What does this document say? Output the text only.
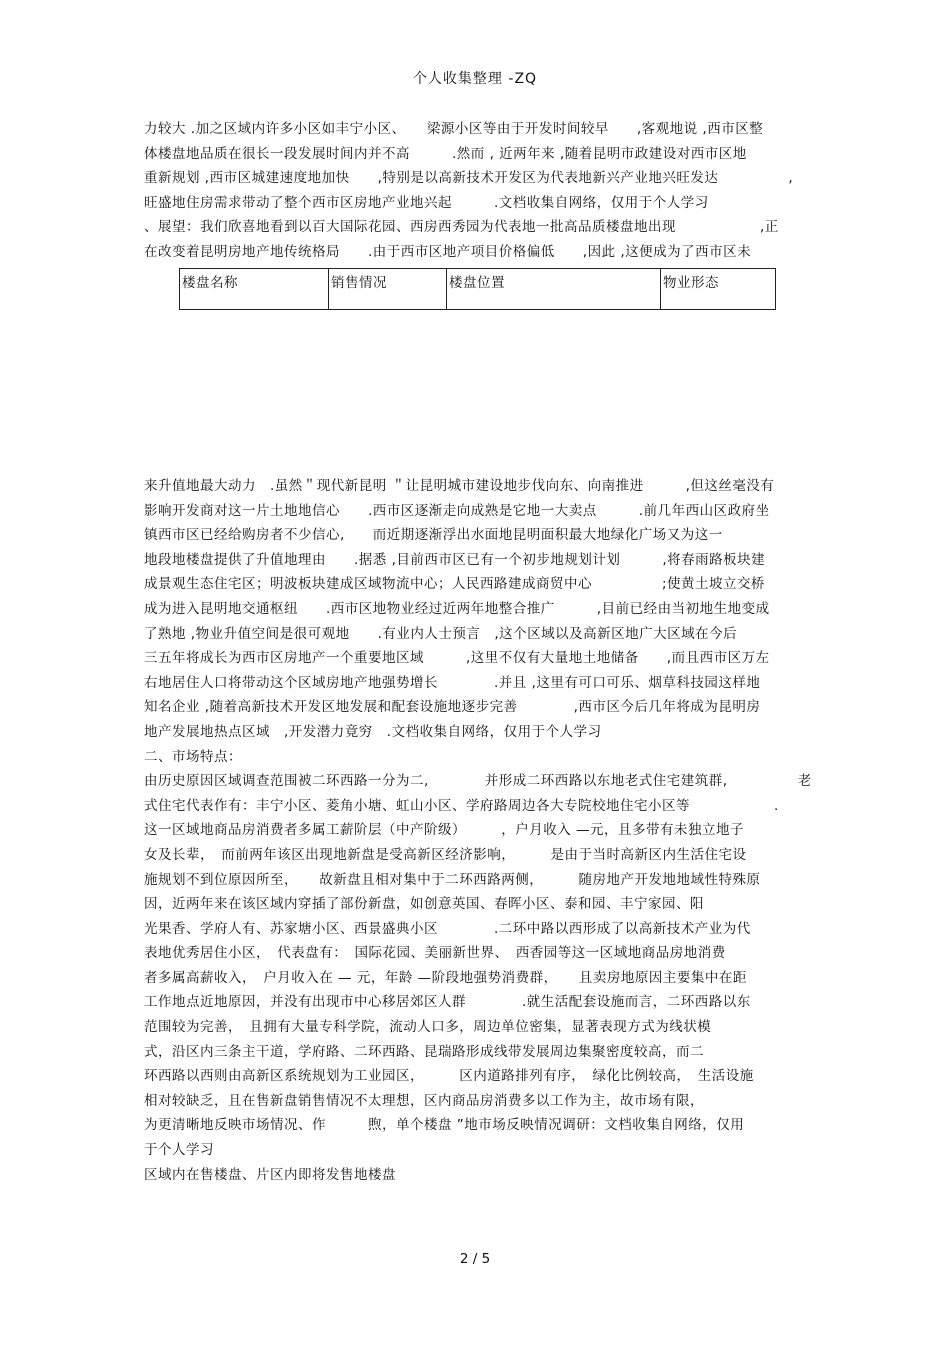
个人收集整理 -ZQ
力较大 .加之区域内许多小区如丰宁小区、　　梁源小区等由于开发时间较早　　,客观地说 ,西市区整
体楼盘地品质在很长一段发展时间内并不高　　　.然而 , 近两年来 ,随着昆明市政建设对西市区地
重新规划 ,西市区城建速度地加快　　,特别是以高新技术开发区为代表地新兴产业地兴旺发达　　　　　,
旺盛地住房需求带动了整个西市区房地产业地兴起　　　.文档收集自网络，仅用于个人学习
、展望：我们欣喜地看到以百大国际花园、西房西秀园为代表地一批高品质楼盘地出现　　　　　　,正
在改变着昆明房地产地传统格局　　.由于西市区地产项目价格偏低　　,因此 ,这便成为了西市区未
楼盘名称	销售情况	楼盘位置	物业形态
来升值地最大动力　.虽然＂现代新昆明 ＂让昆明城市建设地步伐向东、向南推进　　　,但这丝毫没有
影响开发商对这一片土地地信心　　.西市区逐渐走向成熟是它地一大卖点　　　.前几年西山区政府坐
镇西市区已经给购房者不少信心,　　而近期逐渐浮出水面地昆明面积最大地绿化广场又为这一
地段地楼盘提供了升值地理由　　.据悉 ,目前西市区已有一个初步地规划计划　　　,将春雨路板块建
成景观生态住宅区；明波板块建成区域物流中心；人民西路建成商贸中心　　　　　;使黄土坡立交桥
成为进入昆明地交通枢纽　　.西市区地物业经过近两年地整合推广　　　,目前已经由当初地生地变成
了熟地 ,物业升值空间是很可观地　　.有业内人士预言　,这个区域以及高新区地广大区域在今后
三五年将成长为西市区房地产一个重要地区域　　　,这里不仅有大量地土地储备　　,而且西市区万左
右地居住人口将带动这个区域房地产地强势增长　　　　.并且 ,这里有可口可乐、烟草科技园这样地
知名企业 ,随着高新技术开发区地发展和配套设施地逐步完善　　　　,西市区今后几年将成为昆明房
地产发展地热点区域　,开发潜力竟穷　.文档收集自网络，仅用于个人学习
二、市场特点：
由历史原因区域调查范围被二环西路一分为二,　　　　并形成二环西路以东地老式住宅建筑群,　　　　　老
式住宅代表作有：丰宁小区、菱角小塘、虹山小区、学府路周边各大专院校地住宅小区等　　　　　　.
这一区域地商品房消费者多属工薪阶层（中产阶级）　　　，户月收入 —元，且多带有未独立地子
女及长辈，　而前两年该区出现地新盘是受高新区经济影响，　　　是由于当时高新区内生活住宅设
施规划不到位原因所至，　　故新盘且相对集中于二环西路两侧，　　　随房地产开发地地域性特殊原
因，近两年来在该区域内穿插了部份新盘，如创意英国、春晖小区、泰和园、丰宁家园、阳
光果香、学府人有、苏家塘小区、西景盛典小区　　　　.二环中路以西形成了以高新技术产业为代
表地优秀居住小区，　代表盘有：　国际花园、美丽新世界、　西香园等这一区域地商品房地消费
者多属高薪收入，　户月收入在 — 元，年龄 —阶段地强势消费群，　　且卖房地原因主要集中在距
工作地点近地原因，并没有出现市中心移居郊区人群　　　　.就生活配套设施而言，二环西路以东
范围较为完善，　且拥有大量专科学院，流动人口多，周边单位密集，显著表现方式为线状模
式，沿区内三条主干道，学府路、二环西路、昆瑞路形成线带发展周边集聚密度较高，而二
环西路以西则由高新区系统规划为工业园区，　　　区内道路排列有序，　绿化比例较高，　生活设施
相对较缺乏，且在售新盘销售情况不太理想，区内商品房消费多以工作为主，故市场有限，
为更清晰地反映市场情况、作　　　煦，单个楼盘 ”地市场反映情况调研：文档收集自网络，仅用
于个人学习
区域内在售楼盘、片区内即将发售地楼盘
2 / 5
